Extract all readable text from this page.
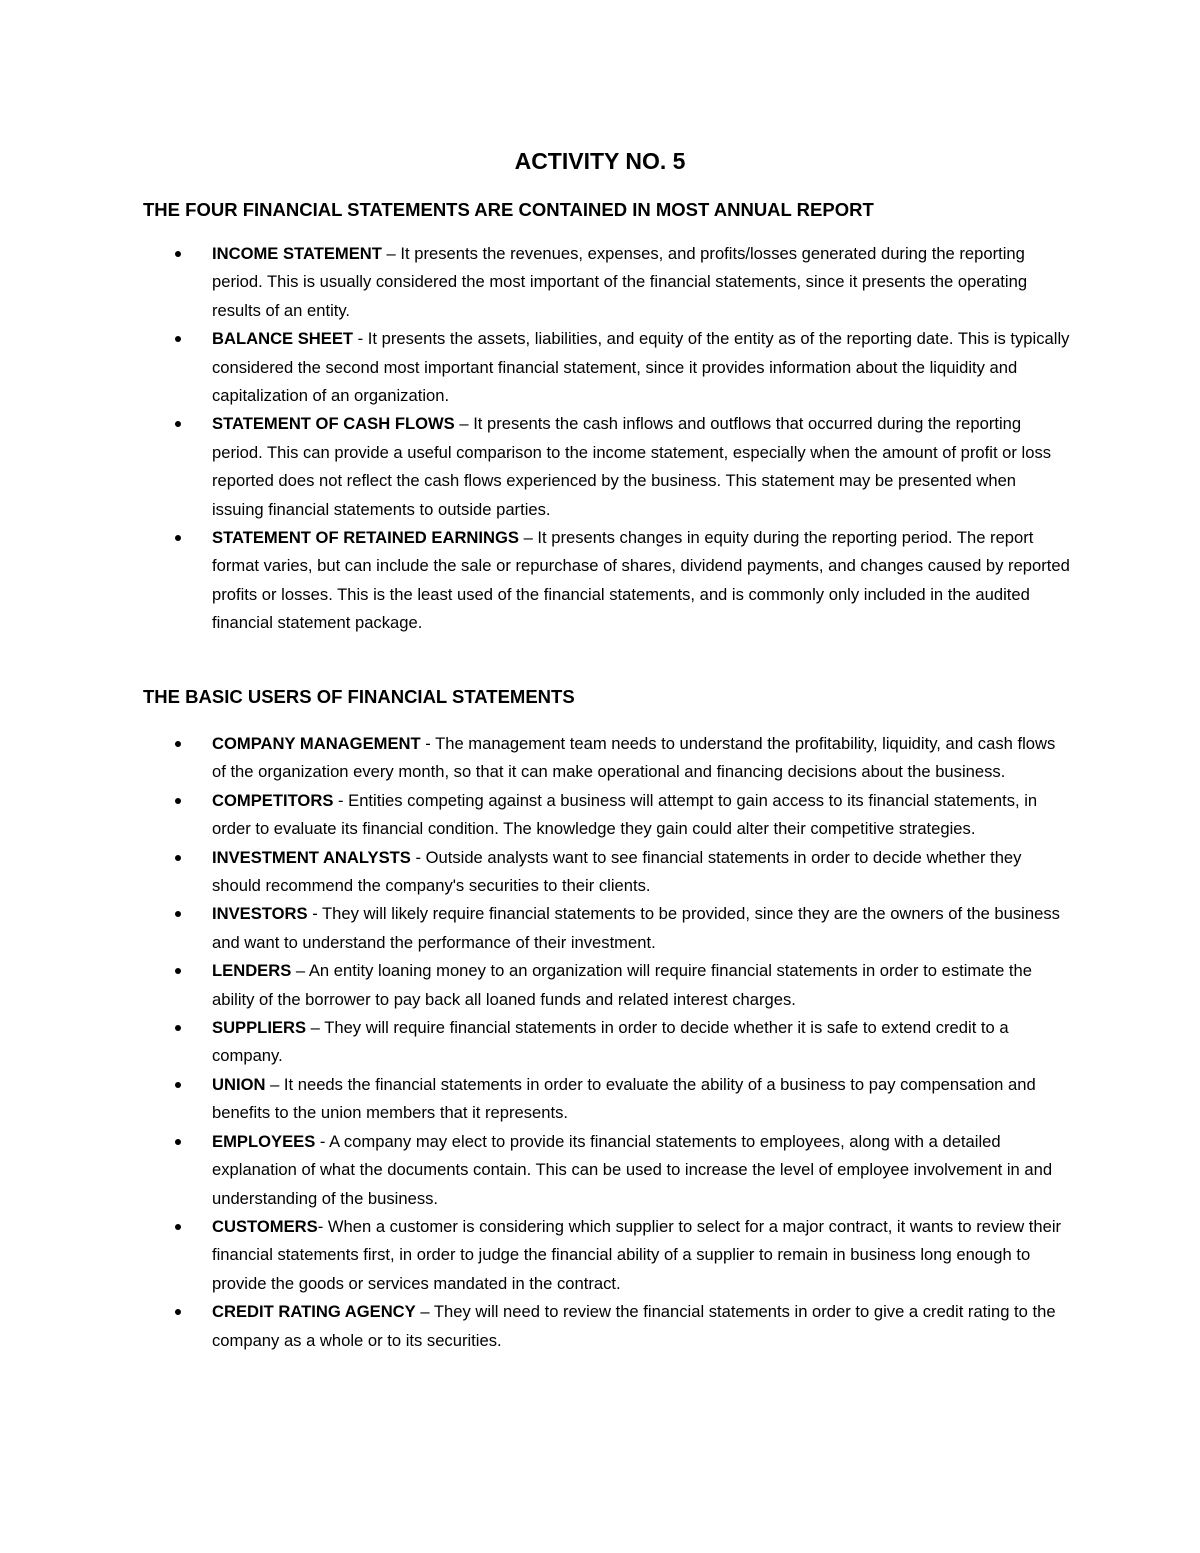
ACTIVITY NO. 5
THE FOUR FINANCIAL STATEMENTS ARE CONTAINED IN MOST ANNUAL REPORT
INCOME STATEMENT – It presents the revenues, expenses, and profits/losses generated during the reporting period. This is usually considered the most important of the financial statements, since it presents the operating results of an entity.
BALANCE SHEET - It presents the assets, liabilities, and equity of the entity as of the reporting date. This is typically considered the second most important financial statement, since it provides information about the liquidity and capitalization of an organization.
STATEMENT OF CASH FLOWS – It presents the cash inflows and outflows that occurred during the reporting period. This can provide a useful comparison to the income statement, especially when the amount of profit or loss reported does not reflect the cash flows experienced by the business. This statement may be presented when issuing financial statements to outside parties.
STATEMENT OF RETAINED EARNINGS – It presents changes in equity during the reporting period. The report format varies, but can include the sale or repurchase of shares, dividend payments, and changes caused by reported profits or losses. This is the least used of the financial statements, and is commonly only included in the audited financial statement package.
THE BASIC USERS OF FINANCIAL STATEMENTS
COMPANY MANAGEMENT - The management team needs to understand the profitability, liquidity, and cash flows of the organization every month, so that it can make operational and financing decisions about the business.
COMPETITORS - Entities competing against a business will attempt to gain access to its financial statements, in order to evaluate its financial condition. The knowledge they gain could alter their competitive strategies.
INVESTMENT ANALYSTS - Outside analysts want to see financial statements in order to decide whether they should recommend the company's securities to their clients.
INVESTORS - They will likely require financial statements to be provided, since they are the owners of the business and want to understand the performance of their investment.
LENDERS – An entity loaning money to an organization will require financial statements in order to estimate the ability of the borrower to pay back all loaned funds and related interest charges.
SUPPLIERS – They will require financial statements in order to decide whether it is safe to extend credit to a company.
UNION – It needs the financial statements in order to evaluate the ability of a business to pay compensation and benefits to the union members that it represents.
EMPLOYEES - A company may elect to provide its financial statements to employees, along with a detailed explanation of what the documents contain. This can be used to increase the level of employee involvement in and understanding of the business.
CUSTOMERS- When a customer is considering which supplier to select for a major contract, it wants to review their financial statements first, in order to judge the financial ability of a supplier to remain in business long enough to provide the goods or services mandated in the contract.
CREDIT RATING AGENCY – They will need to review the financial statements in order to give a credit rating to the company as a whole or to its securities.
